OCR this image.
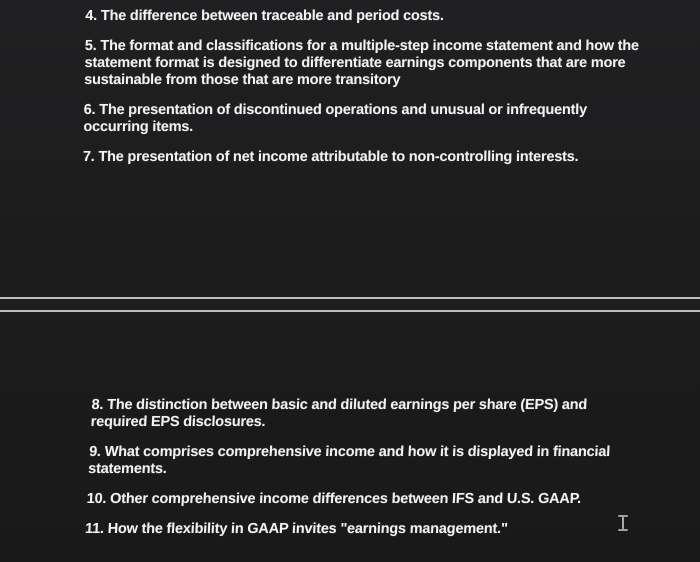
4. The difference between traceable and period costs.
5. The format and classifications for a multiple-step income statement and how the statement format is designed to differentiate earnings components that are more sustainable from those that are more transitory
6. The presentation of discontinued operations and unusual or infrequently occurring items.
7. The presentation of net income attributable to non-controlling interests.
8. The distinction between basic and diluted earnings per share (EPS) and required EPS disclosures.
9. What comprises comprehensive income and how it is displayed in financial statements.
10. Other comprehensive income differences between IFS and U.S. GAAP.
11. How the flexibility in GAAP invites "earnings management."
